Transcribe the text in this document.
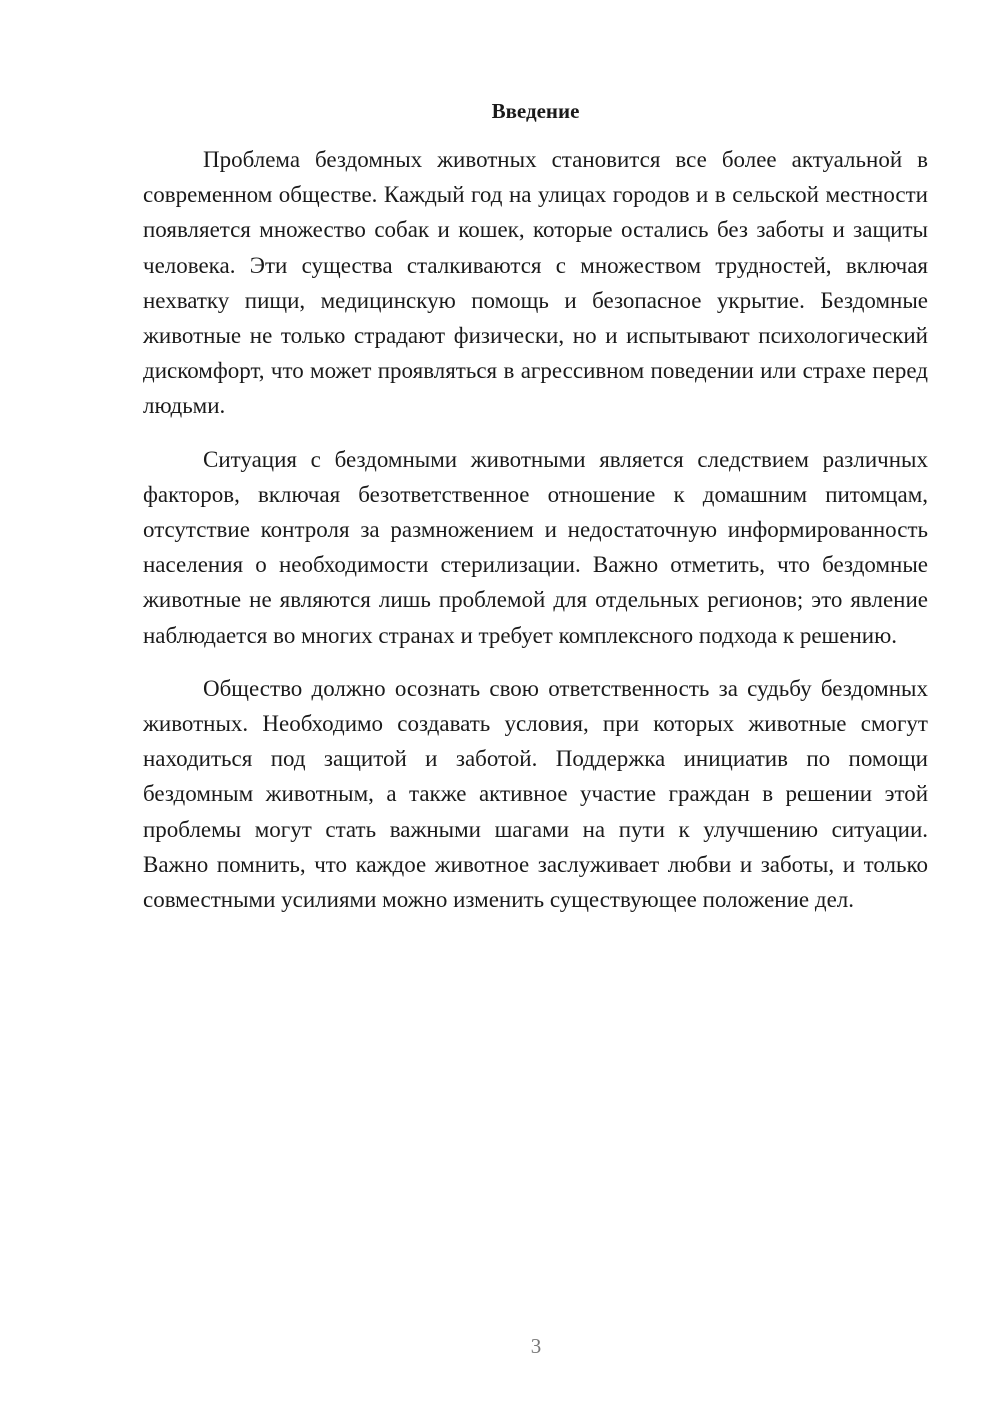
Введение

Проблема бездомных животных становится все более актуальной в современном обществе. Каждый год на улицах городов и в сельской местности появляется множество собак и кошек, которые остались без заботы и защиты человека. Эти существа сталкиваются с множеством трудностей, включая нехватку пищи, медицинскую помощь и безопасное укрытие. Бездомные животные не только страдают физически, но и испытывают психологический дискомфорт, что может проявляться в агрессивном поведении или страхе перед людьми.

Ситуация с бездомными животными является следствием различных факторов, включая безответственное отношение к домашним питомцам, отсутствие контроля за размножением и недостаточную информированность населения о необходимости стерилизации. Важно отметить, что бездомные животные не являются лишь проблемой для отдельных регионов; это явление наблюдается во многих странах и требует комплексного подхода к решению.

Общество должно осознать свою ответственность за судьбу бездомных животных. Необходимо создавать условия, при которых животные смогут находиться под защитой и заботой. Поддержка инициатив по помощи бездомным животным, а также активное участие граждан в решении этой проблемы могут стать важными шагами на пути к улучшению ситуации. Важно помнить, что каждое животное заслуживает любви и заботы, и только совместными усилиями можно изменить существующее положение дел.

3
